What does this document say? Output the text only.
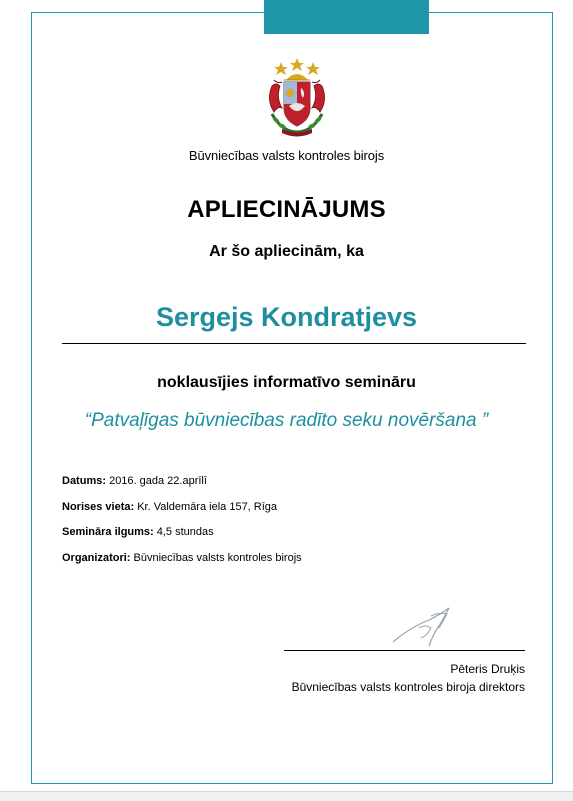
Būvniecības valsts kontroles birojs
APLIECINĀJUMS
Ar šo apliecinām, ka
Sergejs Kondratjevs
noklausījies informatīvo semināru
“Patvaļīgas būvniecības radīto seku novēršana ”
Datums: 2016. gada 22.aprīlī
Norises vieta: Kr. Valdemāra iela 157, Rīga
Semināra ilgums: 4,5 stundas
Organizatori: Būvniecības valsts kontroles birojs
Pēteris Druķis
Būvniecības valsts kontroles biroja direktors
